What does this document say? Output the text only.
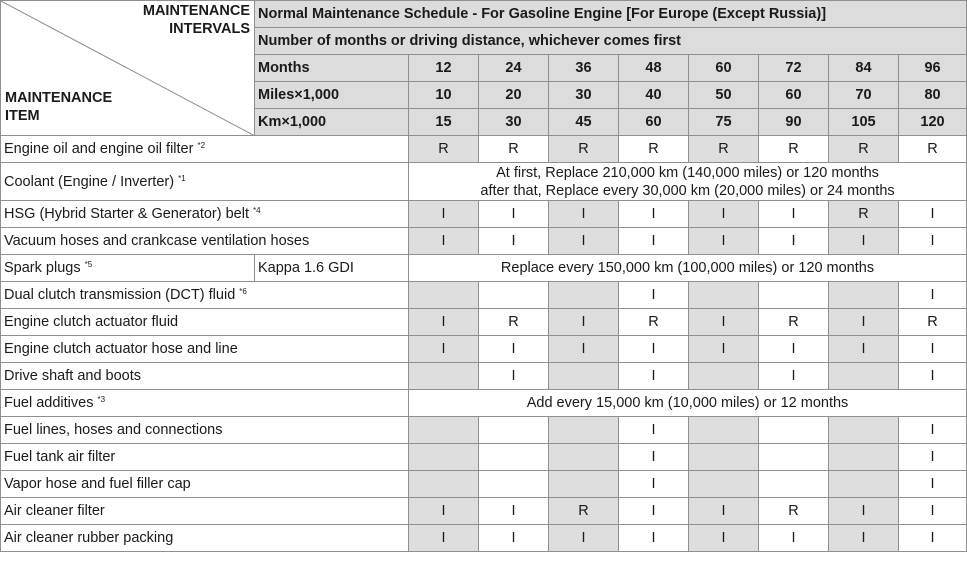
MAINTENANCE
INTERVALS
MAINTENANCE
ITEM	Normal Maintenance Schedule - For Gasoline Engine [For Europe (Except Russia)]								
	Number of months or driving distance, whichever comes first								
	Months	12	24	36	48	60	72	84	96
	Miles×1,000	10	20	30	40	50	60	70	80
	Km×1,000	15	30	45	60	75	90	105	120
Engine oil and engine oil filter $^{*2}$		R	R	R	R	R	R	R	R
Coolant (Engine / Inverter) $^{*1}$		At first, Replace 210,000 km (140,000 miles) or 120 months
after that, Replace every 30,000 km (20,000 miles) or 24 months							

HSG (Hybrid Starter & Generator) belt $^{*4}$		I	I	I	I	I	I	R	I
Vacuum hoses and crankcase ventilation hoses		I	I	I	I	I	I	I	I
Spark plugs $^{*5}$	Kappa 1.6 GDI	Replace every 150,000 km (100,000 miles) or 120 months							

Dual clutch transmission (DCT) fluid $^{*6}$					I				I
Engine clutch actuator fluid		I	R	I	R	I	R	I	R
Engine clutch actuator hose and line		I	I	I	I	I	I	I	I
Drive shaft and boots			I		I		I		I
Fuel additives $^{*3}$		Add every 15,000 km (10,000 miles) or 12 months							

Fuel lines, hoses and connections					I				I
Fuel tank air filter					I				I
Vapor hose and fuel filler cap					I				I
Air cleaner filter		I	I	R	I	I	R	I	I
Air cleaner rubber packing		I	I	I	I	I	I	I	I
